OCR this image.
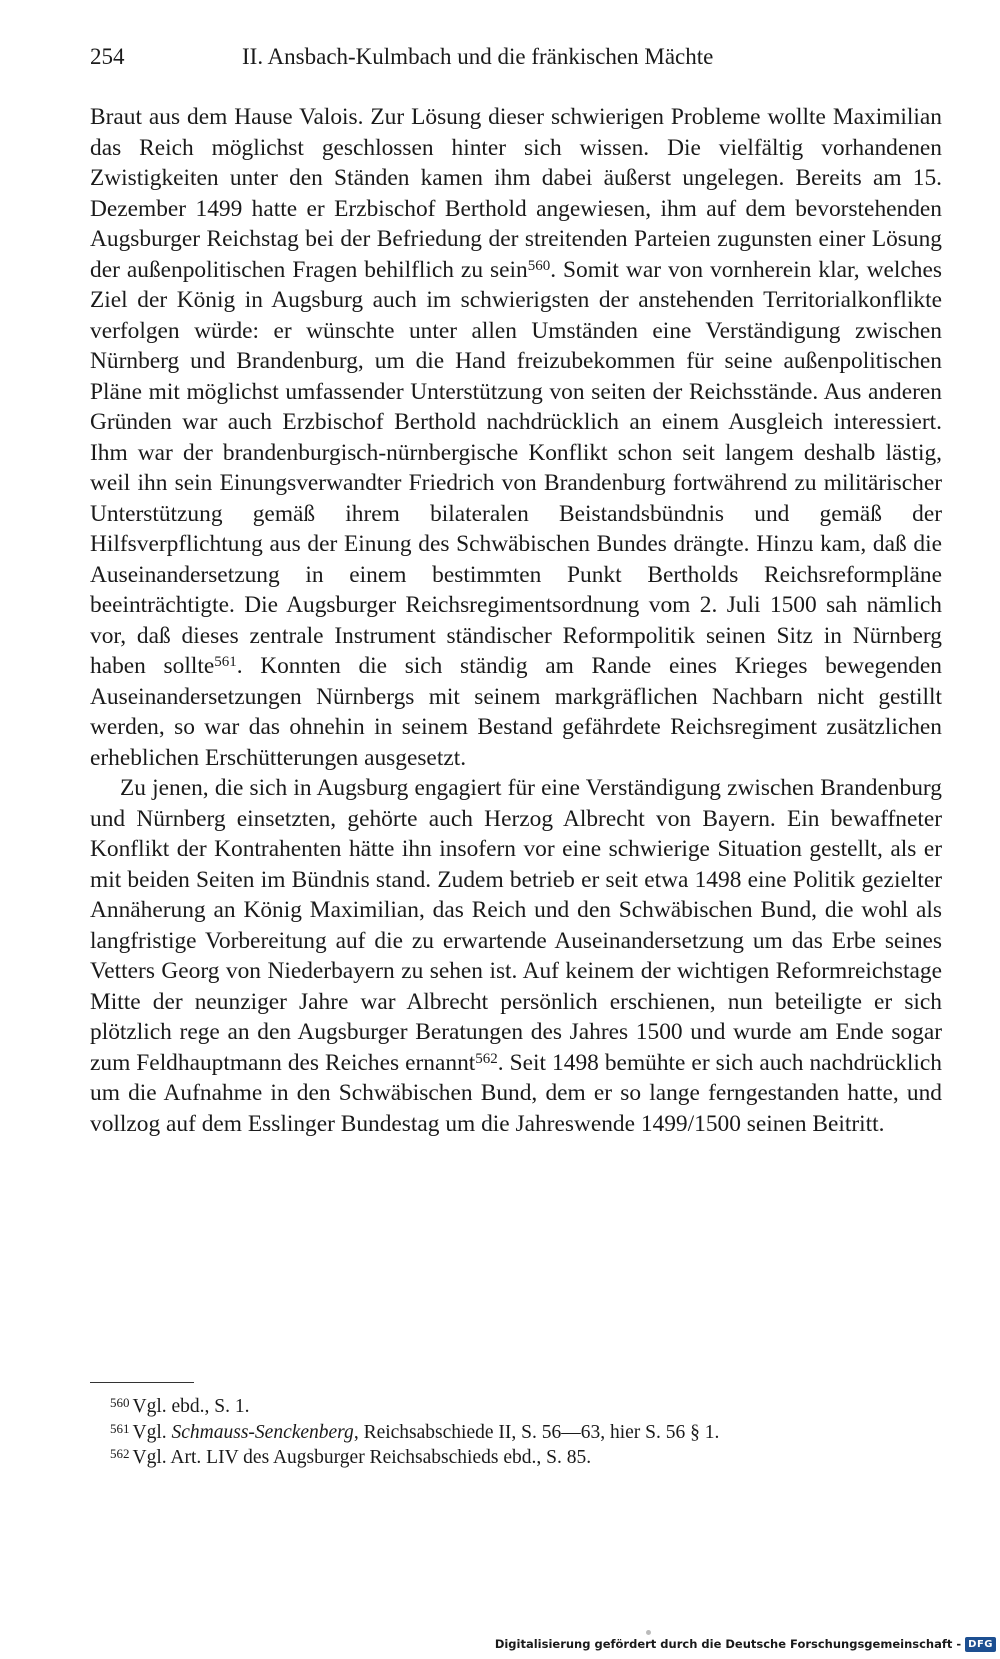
254	II. Ansbach-Kulmbach und die fränkischen Mächte

Braut aus dem Hause Valois. Zur Lösung dieser schwierigen Probleme wollte Maximilian das Reich möglichst geschlossen hinter sich wissen. Die vielfältig vorhandenen Zwistigkeiten unter den Ständen kamen ihm dabei äußerst ungelegen. Bereits am 15. Dezember 1499 hatte er Erzbischof Berthold angewiesen, ihm auf dem bevorstehenden Augsburger Reichstag bei der Befriedung der streitenden Parteien zugunsten einer Lösung der außenpolitischen Fragen behilflich zu sein$^{560}$. Somit war von vornherein klar, welches Ziel der König in Augsburg auch im schwierigsten der anstehenden Territorialkonflikte verfolgen würde: er wünschte unter allen Umständen eine Verständigung zwischen Nürnberg und Brandenburg, um die Hand freizubekommen für seine außenpolitischen Pläne mit möglichst umfassender Unterstützung von seiten der Reichsstände. Aus anderen Gründen war auch Erzbischof Berthold nachdrücklich an einem Ausgleich interessiert. Ihm war der brandenburgisch-nürnbergische Konflikt schon seit langem deshalb lästig, weil ihn sein Einungsverwandter Friedrich von Brandenburg fortwährend zu militärischer Unterstützung gemäß ihrem bilateralen Beistandsbündnis und gemäß der Hilfsverpflichtung aus der Einung des Schwäbischen Bundes drängte. Hinzu kam, daß die Auseinandersetzung in einem bestimmten Punkt Bertholds Reichsreformpläne beeinträchtigte. Die Augsburger Reichsregimentsordnung vom 2. Juli 1500 sah nämlich vor, daß dieses zentrale Instrument ständischer Reformpolitik seinen Sitz in Nürnberg haben sollte$^{561}$. Konnten die sich ständig am Rande eines Krieges bewegenden Auseinandersetzungen Nürnbergs mit seinem markgräflichen Nachbarn nicht gestillt werden, so war das ohnehin in seinem Bestand gefährdete Reichsregiment zusätzlichen erheblichen Erschütterungen ausgesetzt.

Zu jenen, die sich in Augsburg engagiert für eine Verständigung zwischen Brandenburg und Nürnberg einsetzten, gehörte auch Herzog Albrecht von Bayern. Ein bewaffneter Konflikt der Kontrahenten hätte ihn insofern vor eine schwierige Situation gestellt, als er mit beiden Seiten im Bündnis stand. Zudem betrieb er seit etwa 1498 eine Politik gezielter Annäherung an König Maximilian, das Reich und den Schwäbischen Bund, die wohl als langfristige Vorbereitung auf die zu erwartende Auseinandersetzung um das Erbe seines Vetters Georg von Niederbayern zu sehen ist. Auf keinem der wichtigen Reformreichstage Mitte der neunziger Jahre war Albrecht persönlich erschienen, nun beteiligte er sich plötzlich rege an den Augsburger Beratungen des Jahres 1500 und wurde am Ende sogar zum Feldhauptmann des Reiches ernannt$^{562}$. Seit 1498 bemühte er sich auch nachdrücklich um die Aufnahme in den Schwäbischen Bund, dem er so lange ferngestanden hatte, und vollzog auf dem Esslinger Bundestag um die Jahreswende 1499/1500 seinen Beitritt.

$^{560}$ Vgl. ebd., S. 1.

$^{561}$ Vgl. Schmauss-Senckenberg, Reichsabschiede II, S. 56—63, hier S. 56 § 1.

$^{562}$ Vgl. Art. LIV des Augsburger Reichsabschieds ebd., S. 85.

Digitalisierung gefördert durch die Deutsche Forschungsgemeinschaft - DFG
